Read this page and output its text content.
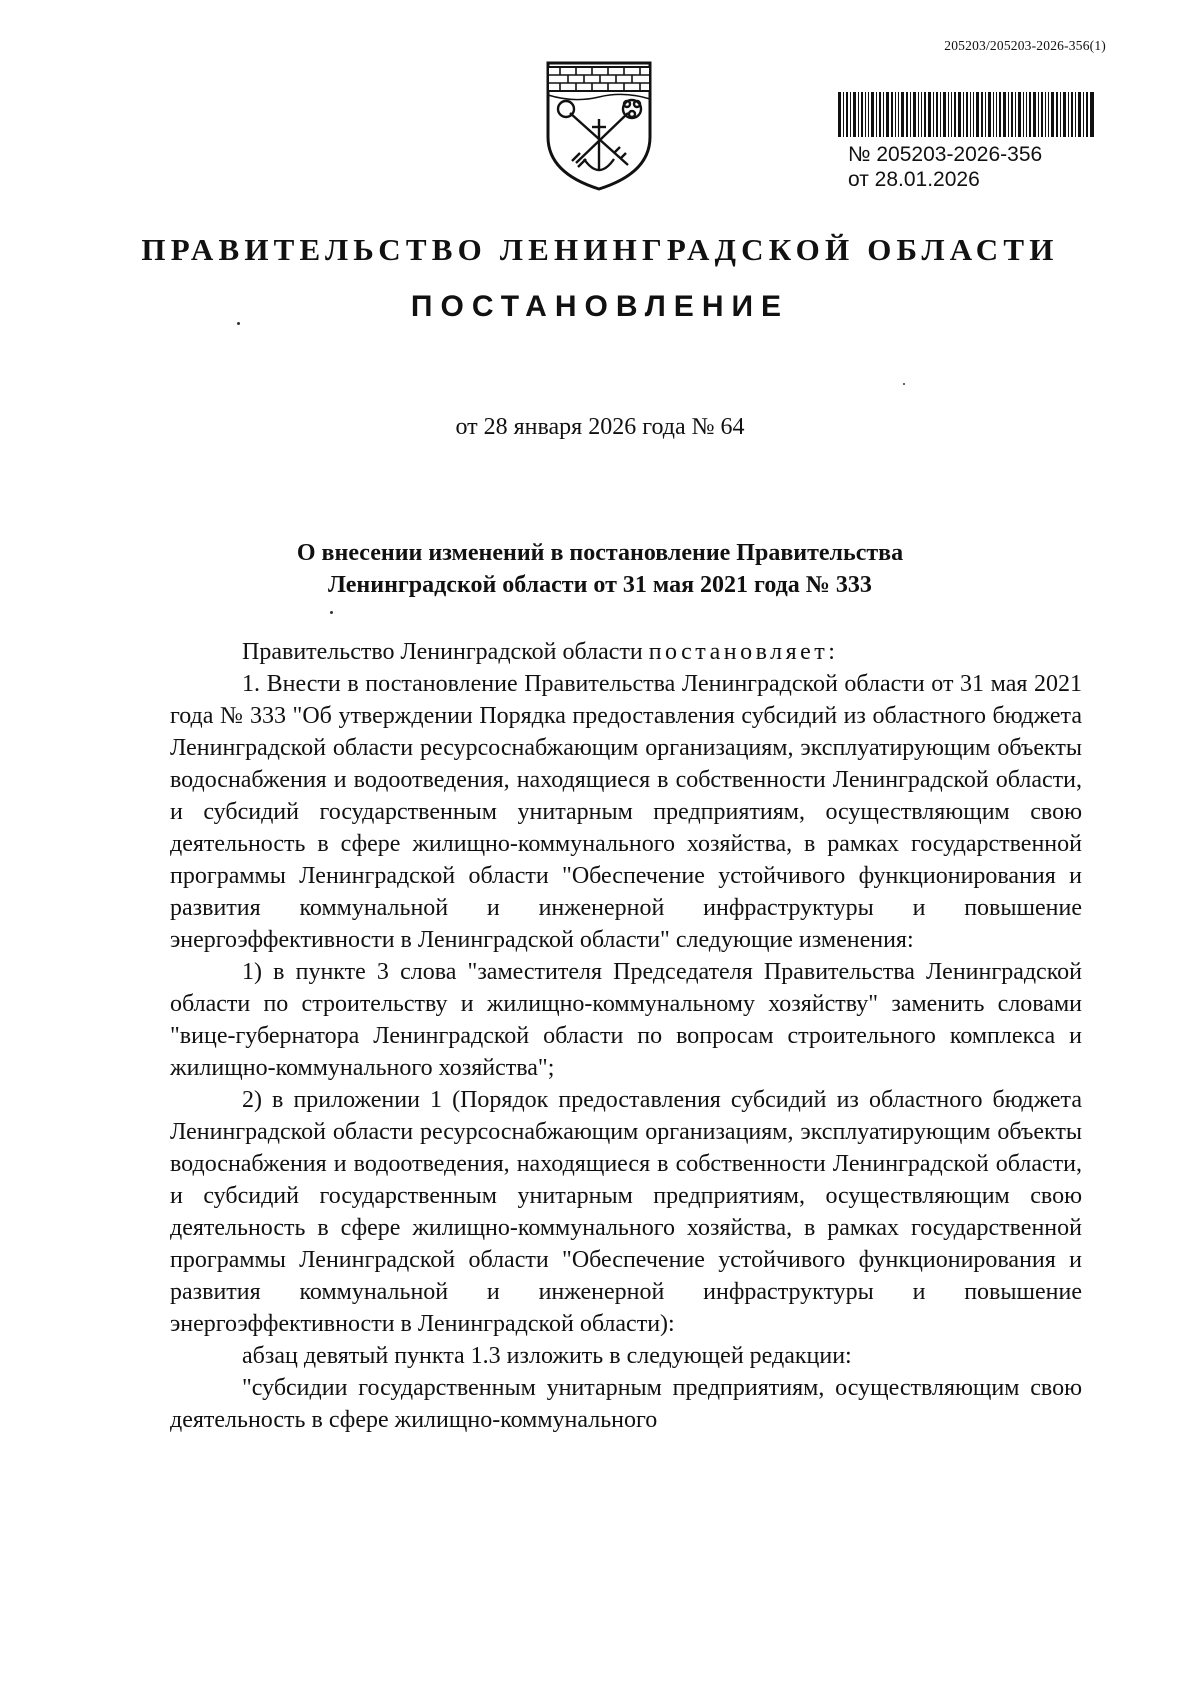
205203/205203-2026-356(1)
№ 205203-2026-356
от 28.01.2026
ПРАВИТЕЛЬСТВО ЛЕНИНГРАДСКОЙ ОБЛАСТИ
ПОСТАНОВЛЕНИЕ
от 28 января 2026 года № 64
О внесении изменений в постановление Правительства
Ленинградской области от 31 мая 2021 года № 333

Правительство Ленинградской области постановляет:

1. Внести в постановление Правительства Ленинградской области от 31 мая 2021 года № 333 "Об утверждении Порядка предоставления субсидий из областного бюджета Ленинградской области ресурсоснабжающим организациям, эксплуатирующим объекты водоснабжения и водоотведения, находящиеся в собственности Ленинградской области, и субсидий государственным унитарным предприятиям, осуществляющим свою деятельность в сфере жилищно-коммунального хозяйства, в рамках государственной программы Ленинградской области "Обеспечение устойчивого функционирования и развития коммунальной и инженерной инфраструктуры и повышение энергоэффективности в Ленинградской области" следующие изменения:

1) в пункте 3 слова "заместителя Председателя Правительства Ленинградской области по строительству и жилищно-коммунальному хозяйству" заменить словами "вице-губернатора Ленинградской области по вопросам строительного комплекса и жилищно-коммунального хозяйства";

2) в приложении 1 (Порядок предоставления субсидий из областного бюджета Ленинградской области ресурсоснабжающим организациям, эксплуатирующим объекты водоснабжения и водоотведения, находящиеся в собственности Ленинградской области, и субсидий государственным унитарным предприятиям, осуществляющим свою деятельность в сфере жилищно-коммунального хозяйства, в рамках государственной программы Ленинградской области "Обеспечение устойчивого функционирования и развития коммунальной и инженерной инфраструктуры и повышение энергоэффективности в Ленинградской области):

абзац девятый пункта 1.3 изложить в следующей редакции:

"субсидии государственным унитарным предприятиям, осуществляющим свою деятельность в сфере жилищно-коммунального
